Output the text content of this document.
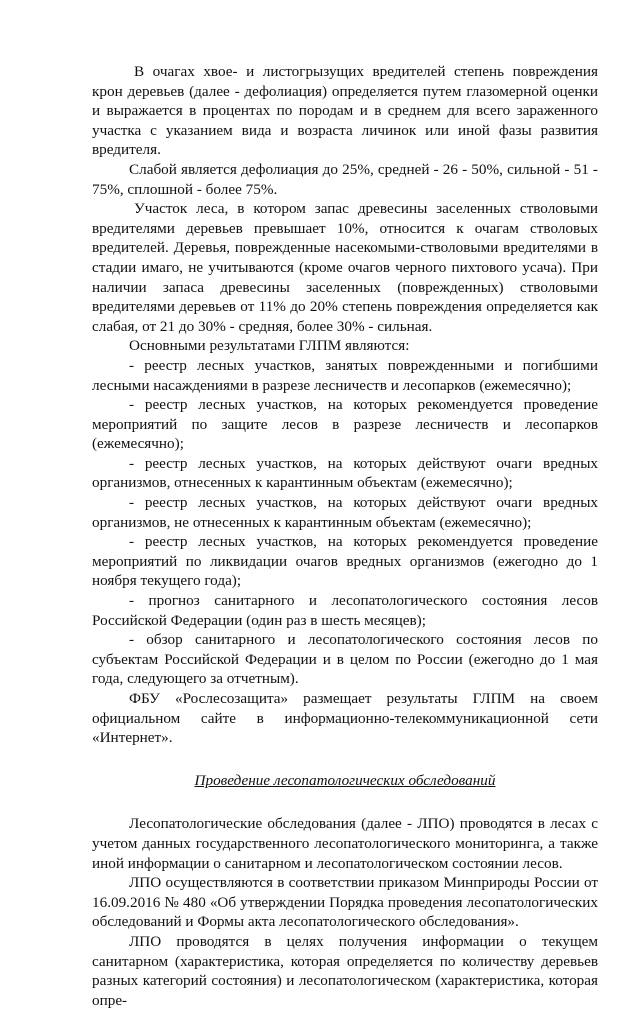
В очагах хвое- и листогрызущих вредителей степень повреждения крон деревьев (далее - дефолиация) определяется путем глазомерной оценки и выражается в процентах по породам и в среднем для всего зараженного участка с указанием вида и возраста личинок или иной фазы развития вредителя.

Слабой является дефолиация до 25%, средней - 26 - 50%, сильной - 51 - 75%, сплошной - более 75%.

Участок леса, в котором запас древесины заселенных стволовыми вредителями деревьев превышает 10%, относится к очагам стволовых вредителей. Деревья, поврежденные насекомыми-стволовыми вредителями в стадии имаго, не учитываются (кроме очагов черного пихтового усача). При наличии запаса древесины заселенных (поврежденных) стволовыми вредителями деревьев от 11% до 20% степень повреждения определяется как слабая, от 21 до 30% - средняя, более 30% - сильная.

Основными результатами ГЛПМ являются:

- реестр лесных участков, занятых поврежденными и погибшими лесными насаждениями в разрезе лесничеств и лесопарков (ежемесячно);

- реестр лесных участков, на которых рекомендуется проведение мероприятий по защите лесов в разрезе лесничеств и лесопарков (ежемесячно);

- реестр лесных участков, на которых действуют очаги вредных организмов, отнесенных к карантинным объектам (ежемесячно);

- реестр лесных участков, на которых действуют очаги вредных организмов, не отнесенных к карантинным объектам (ежемесячно);

- реестр лесных участков, на которых рекомендуется проведение мероприятий по ликвидации очагов вредных организмов (ежегодно до 1 ноября текущего года);

- прогноз санитарного и лесопатологического состояния лесов Российской Федерации (один раз в шесть месяцев);

- обзор санитарного и лесопатологического состояния лесов по субъектам Российской Федерации и в целом по России (ежегодно до 1 мая года, следующего за отчетным).

ФБУ «Рослесозащита» размещает результаты ГЛПМ на своем официальном сайте в информационно-телекоммуникационной сети «Интернет».

Проведение лесопатологических обследований

Лесопатологические обследования (далее - ЛПО) проводятся в лесах с учетом данных государственного лесопатологического мониторинга, а также иной информации о санитарном и лесопатологическом состоянии лесов.

ЛПО осуществляются в соответствии приказом Минприроды России от 16.09.2016 № 480 «Об утверждении Порядка проведения лесопатологических обследований и Формы акта лесопатологического обследования».

ЛПО проводятся в целях получения информации о текущем санитарном (характеристика, которая определяется по количеству деревьев разных категорий состояния) и лесопатологическом (характеристика, которая опре-
